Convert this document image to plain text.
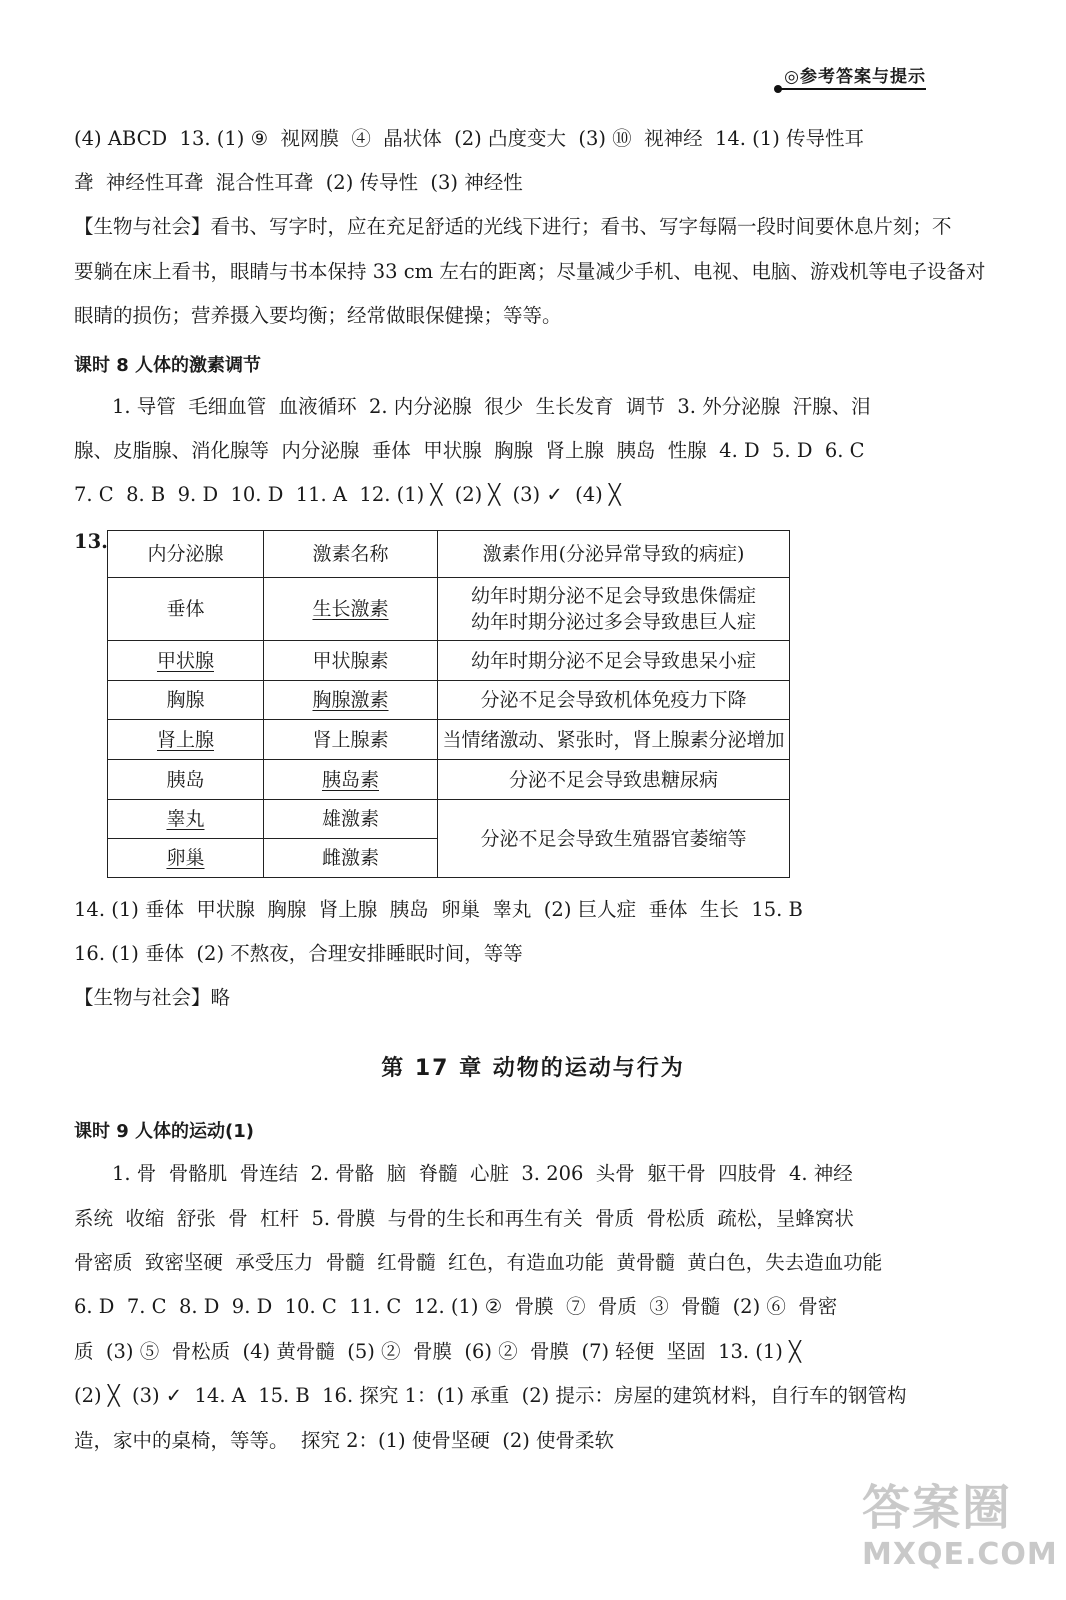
◎参考答案与提示
(4) ABCD  13. (1) ⑨  视网膜  ④  晶状体  (2) 凸度变大  (3) ⑩  视神经  14. (1) 传导性耳
聋  神经性耳聋  混合性耳聋  (2) 传导性  (3) 神经性
【生物与社会】看书、写字时，应在充足舒适的光线下进行；看书、写字每隔一段时间要休息片刻；不
要躺在床上看书，眼睛与书本保持 33 cm 左右的距离；尽量减少手机、电视、电脑、游戏机等电子设备对
眼睛的损伤；营养摄入要均衡；经常做眼保健操；等等。
课时 8 人体的激素调节
1. 导管  毛细血管  血液循环  2. 内分泌腺  很少  生长发育  调节  3. 外分泌腺  汗腺、泪
腺、皮脂腺、消化腺等  内分泌腺  垂体  甲状腺  胸腺  肾上腺  胰岛  性腺  4. D  5. D  6. C
7. C  8. B  9. D  10. D  11. A  12. (1) ╳  (2) ╳  (3) ✓  (4) ╳
13.
内分泌腺	激素名称	激素作用(分泌异常导致的病症)
垂体	生长激素	幼年时期分泌不足会导致患侏儒症
幼年时期分泌过多会导致患巨人症

甲状腺	甲状腺素	幼年时期分泌不足会导致患呆小症
胸腺	胸腺激素	分泌不足会导致机体免疫力下降
肾上腺	肾上腺素	当情绪激动、紧张时，肾上腺素分泌增加
胰岛	胰岛素	分泌不足会导致患糖尿病
睾丸	雄激素	分泌不足会导致生殖器官萎缩等
卵巢	雌激素	
14. (1) 垂体  甲状腺  胸腺  肾上腺  胰岛  卵巢  睾丸  (2) 巨人症  垂体  生长  15. B
16. (1) 垂体  (2) 不熬夜，合理安排睡眠时间，等等
【生物与社会】略
第 17 章 动物的运动与行为
课时 9 人体的运动(1)
1. 骨  骨骼肌  骨连结  2. 骨骼  脑  脊髓  心脏  3. 206  头骨  躯干骨  四肢骨  4. 神经
系统  收缩  舒张  骨  杠杆  5. 骨膜  与骨的生长和再生有关  骨质  骨松质  疏松，呈蜂窝状
骨密质  致密坚硬  承受压力  骨髓  红骨髓  红色，有造血功能  黄骨髓  黄白色，失去造血功能
6. D  7. C  8. D  9. D  10. C  11. C  12. (1) ②  骨膜  ⑦  骨质  ③  骨髓  (2) ⑥  骨密
质  (3) ⑤  骨松质  (4) 黄骨髓  (5) ②  骨膜  (6) ②  骨膜  (7) 轻便  坚固  13. (1) ╳
(2) ╳  (3) ✓  14. A  15. B  16. 探究 1：(1) 承重  (2) 提示：房屋的建筑材料，自行车的钢管构
造，家中的桌椅，等等。  探究 2：(1) 使骨坚硬  (2) 使骨柔软
答案圈
MXQE.COM
